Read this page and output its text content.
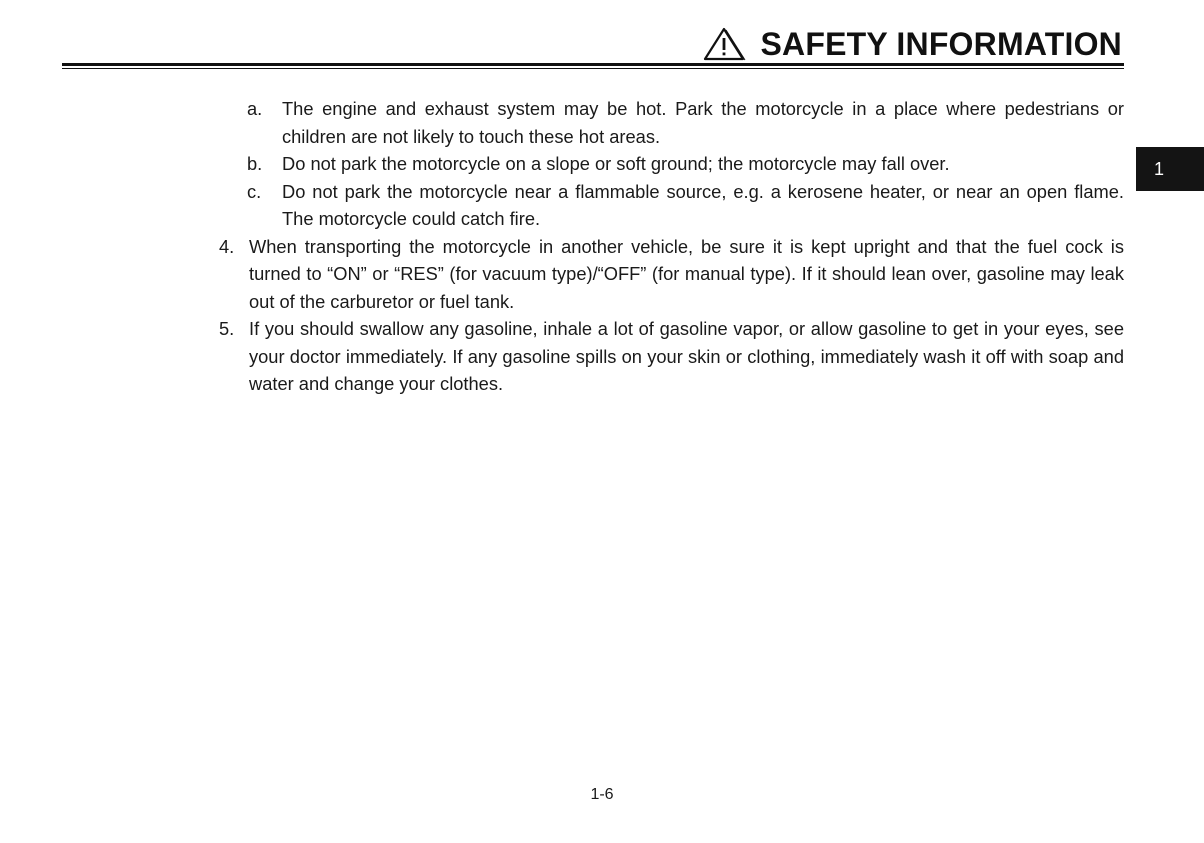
SAFETY INFORMATION
1
a. The engine and exhaust system may be hot. Park the motorcycle in a place where pedestrians or children are not likely to touch these hot areas.
b. Do not park the motorcycle on a slope or soft ground; the motorcycle may fall over.
c. Do not park the motorcycle near a flammable source, e.g. a kerosene heater, or near an open flame. The motorcycle could catch fire.
4. When transporting the motorcycle in another vehicle, be sure it is kept upright and that the fuel cock is turned to “ON” or “RES” (for vacuum type)/“OFF” (for manual type). If it should lean over, gasoline may leak out of the carburetor or fuel tank.
5. If you should swallow any gasoline, inhale a lot of gasoline vapor, or allow gasoline to get in your eyes, see your doctor immediately. If any gasoline spills on your skin or clothing, immediately wash it off with soap and water and change your clothes.
1-6
